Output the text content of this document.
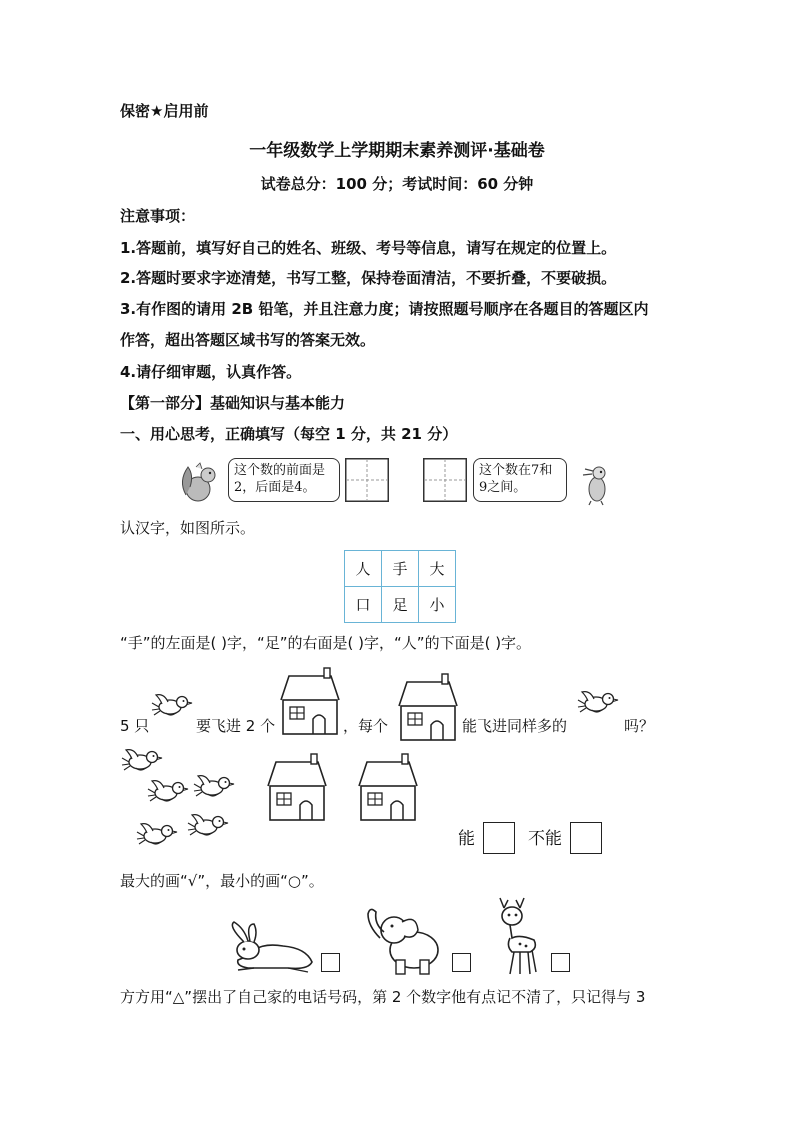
保密★启用前
一年级数学上学期期末素养测评·基础卷
试卷总分：100 分；考试时间：60 分钟
注意事项：
1.答题前，填写好自己的姓名、班级、考号等信息，请写在规定的位置上。
2.答题时要求字迹清楚，书写工整，保持卷面清洁，不要折叠，不要破损。
3.有作图的请用 2B 铅笔，并且注意力度；请按照题号顺序在各题目的答题区内
作答，超出答题区域书写的答案无效。
4.请仔细审题，认真作答。
【第一部分】基础知识与基本能力
一、用心思考，正确填写（每空 1 分，共 21 分）
这个数的前面是
2，后面是4。
这个数在7和
9之间。
认汉字，如图所示。
人	手	大
口	足	小
“手”的左面是( )字，“足”的右面是( )字，“人”的下面是( )字。
5 只	要飞进 2 个	，每个	能飞进同样多的	吗？
能	不能
最大的画“√”，最小的画“○”。
方方用“△”摆出了自己家的电话号码，第 2 个数字他有点记不清了，只记得与 3
